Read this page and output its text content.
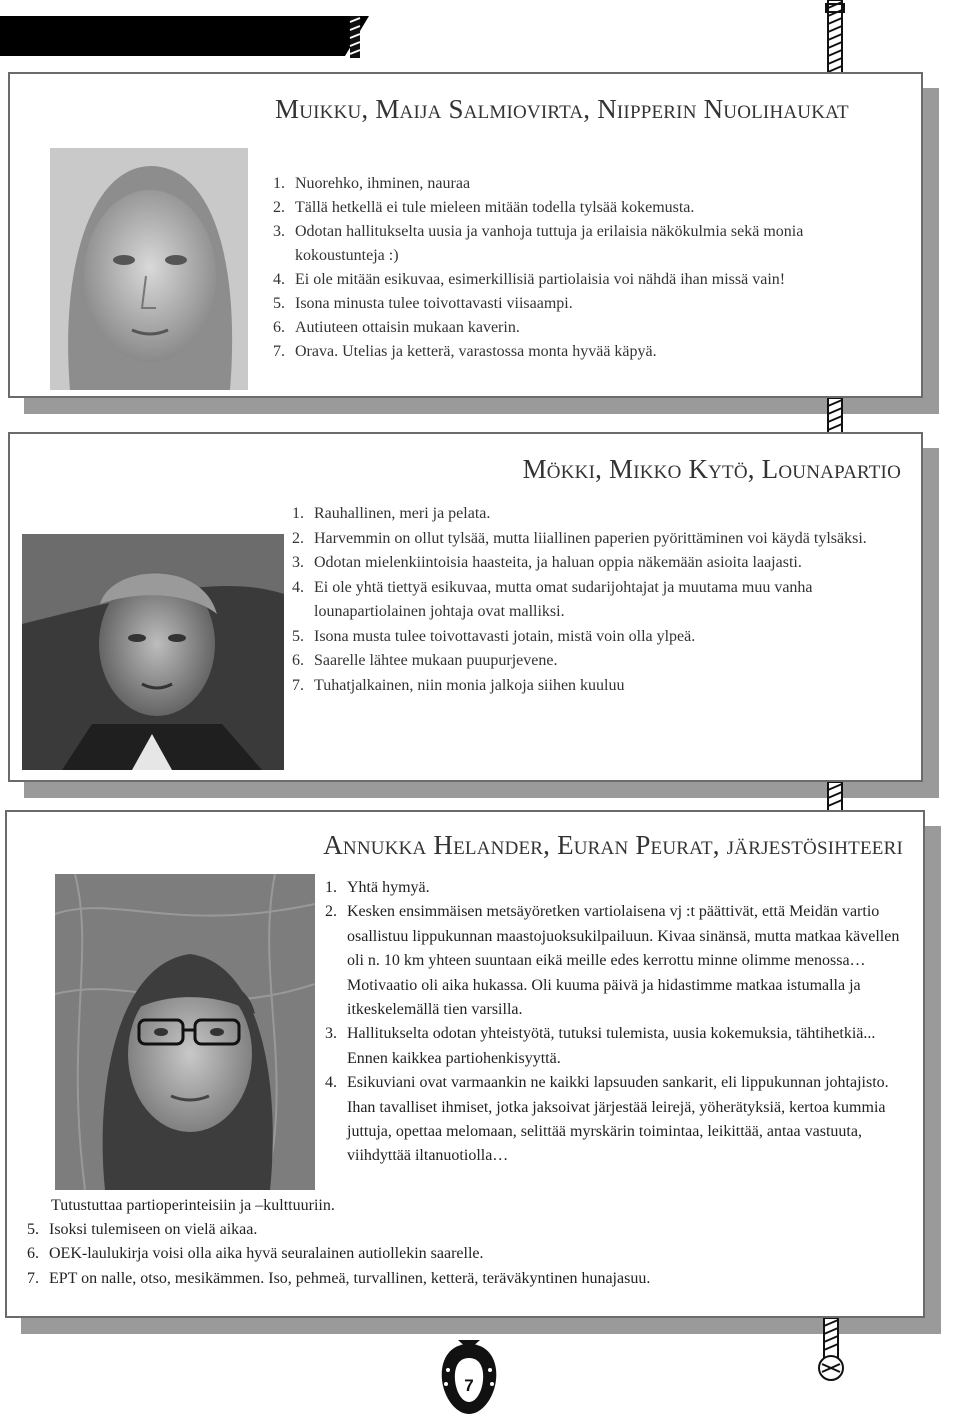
Muikku, Maija Salmiovirta, Niipperin Nuolihaukat
1. Nuorehko, ihminen, nauraa
2. Tällä hetkellä ei tule mieleen mitään todella tylsää kokemusta.
3. Odotan hallitukselta uusia ja vanhoja tuttuja ja erilaisia näkökulmia sekä monia kokoustunteja :)
4. Ei ole mitään esikuvaa, esimerkillisiä partiolaisia voi nähdä ihan missä vain!
5. Isona minusta tulee toivottavasti viisaampi.
6. Autiuteen ottaisin mukaan kaverin.
7. Orava. Utelias ja ketterä, varastossa monta hyvää käpyä.
Mökki, Mikko Kytö, Lounapartio
1. Rauhallinen, meri ja pelata.
2. Harvemmin on ollut tylsää, mutta liiallinen paperien pyörittäminen voi käydä tylsäksi.
3. Odotan mielenkiintoisia haasteita, ja haluan oppia näkemään asioita laajasti.
4. Ei ole yhtä tiettyä esikuvaa, mutta omat sudarijohtajat ja muutama muu vanha lounapartiolainen johtaja ovat malliksi.
5. Isona musta tulee toivottavasti jotain, mistä voin olla ylpeä.
6. Saarelle lähtee mukaan puupurjevene.
7. Tuhatjalkainen, niin monia jalkoja siihen kuuluu
Annukka Helander, Euran Peurat, järjestösihteeri
1. Yhtä hymyä.
2. Kesken ensimmäisen metsäyöretken vartiolaisena vj :t päättivät, että Meidän vartio osallistuu lippukunnan maastojuoksukilpailuun. Kivaa sinänsä, mutta matkaa kävellen oli n. 10 km yhteen suuntaan eikä meille edes kerrottu minne olimme menossa… Motivaatio oli aika hukassa. Oli kuuma päivä ja hidastimme matkaa istumalla ja itkeskelemällä tien varsilla.
3. Hallitukselta odotan yhteistyötä, tutuksi tulemista, uusia kokemuksia, tähtihetkiä... Ennen kaikkea partiohenkisyyttä.
4. Esikuviani ovat varmaankin ne kaikki lapsuuden sankarit, eli lippukunnan johtajisto. Ihan tavalliset ihmiset, jotka jaksoivat järjestää leirejä, yöheräty​ksiä, kertoa kummia juttuja, opettaa melomaan, selittää myrskärin toimintaa, leikittää, antaa vastuuta, viihdyttää iltanuotiolla…
Tutustuttaa partioperinteisiin ja –kulttuuriin.
5. Isoksi tulemiseen on vielä aikaa.
6. OEK-laulukirja voisi olla aika hyvä seuralainen autiollekin saarelle.
7. EPT on nalle, otso, mesikämmen. Iso, pehmeä, turvallinen, ketterä, teräväkyntinen hunajasuu.
7
